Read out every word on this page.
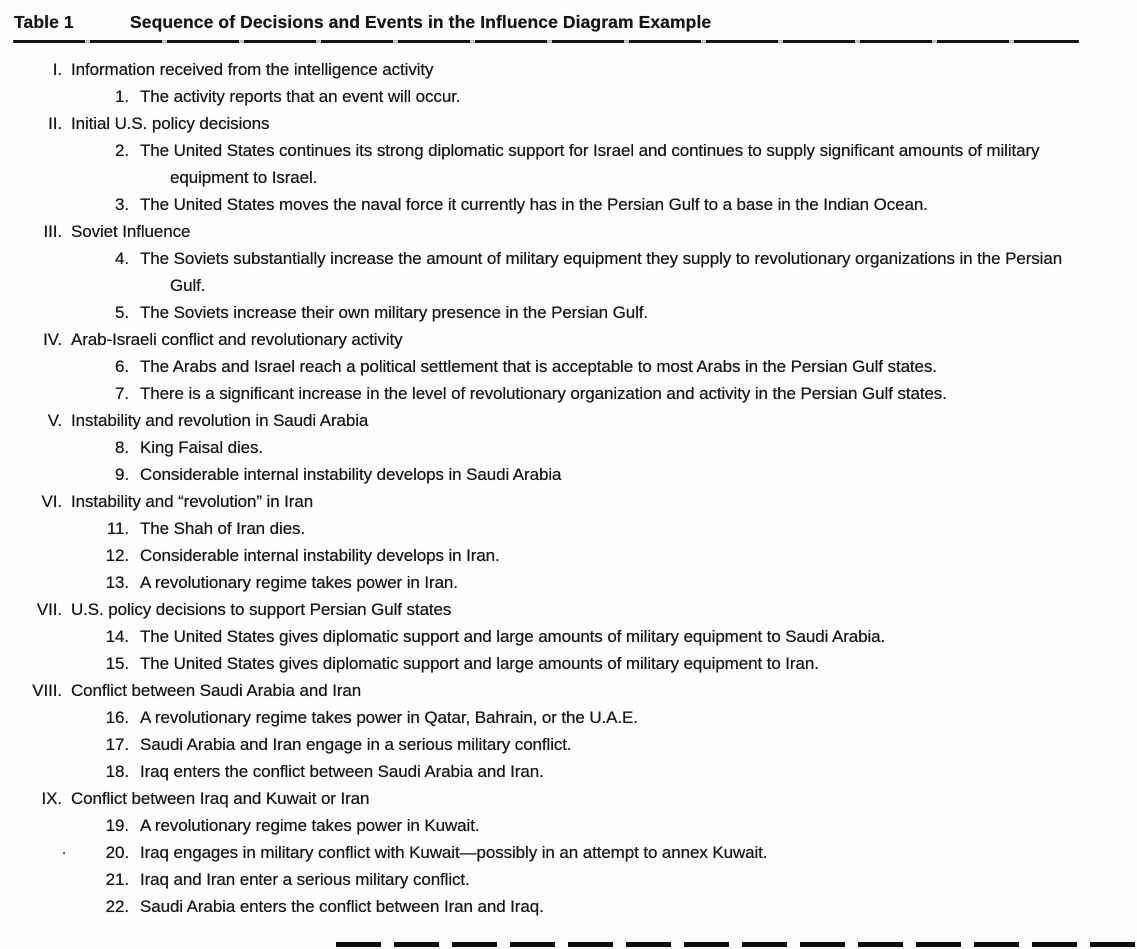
Table 1	Sequence of Decisions and Events in the Influence Diagram Example
I. Information received from the intelligence activity
1. The activity reports that an event will occur.
II. Initial U.S. policy decisions
2. The United States continues its strong diplomatic support for Israel and continues to supply significant amounts of military equipment to Israel.
3. The United States moves the naval force it currently has in the Persian Gulf to a base in the Indian Ocean.
III. Soviet Influence
4. The Soviets substantially increase the amount of military equipment they supply to revolutionary organizations in the Persian Gulf.
5. The Soviets increase their own military presence in the Persian Gulf.
IV. Arab-Israeli conflict and revolutionary activity
6. The Arabs and Israel reach a political settlement that is acceptable to most Arabs in the Persian Gulf states.
7. There is a significant increase in the level of revolutionary organization and activity in the Persian Gulf states.
V. Instability and revolution in Saudi Arabia
8. King Faisal dies.
9. Considerable internal instability develops in Saudi Arabia
VI. Instability and “revolution” in Iran
11. The Shah of Iran dies.
12. Considerable internal instability develops in Iran.
13. A revolutionary regime takes power in Iran.
VII. U.S. policy decisions to support Persian Gulf states
14. The United States gives diplomatic support and large amounts of military equipment to Saudi Arabia.
15. The United States gives diplomatic support and large amounts of military equipment to Iran.
VIII. Conflict between Saudi Arabia and Iran
16. A revolutionary regime takes power in Qatar, Bahrain, or the U.A.E.
17. Saudi Arabia and Iran engage in a serious military conflict.
18. Iraq enters the conflict between Saudi Arabia and Iran.
IX. Conflict between Iraq and Kuwait or Iran
19. A revolutionary regime takes power in Kuwait.
.	20. Iraq engages in military conflict with Kuwait—possibly in an attempt to annex Kuwait.
21. Iraq and Iran enter a serious military conflict.
22. Saudi Arabia enters the conflict between Iran and Iraq.
